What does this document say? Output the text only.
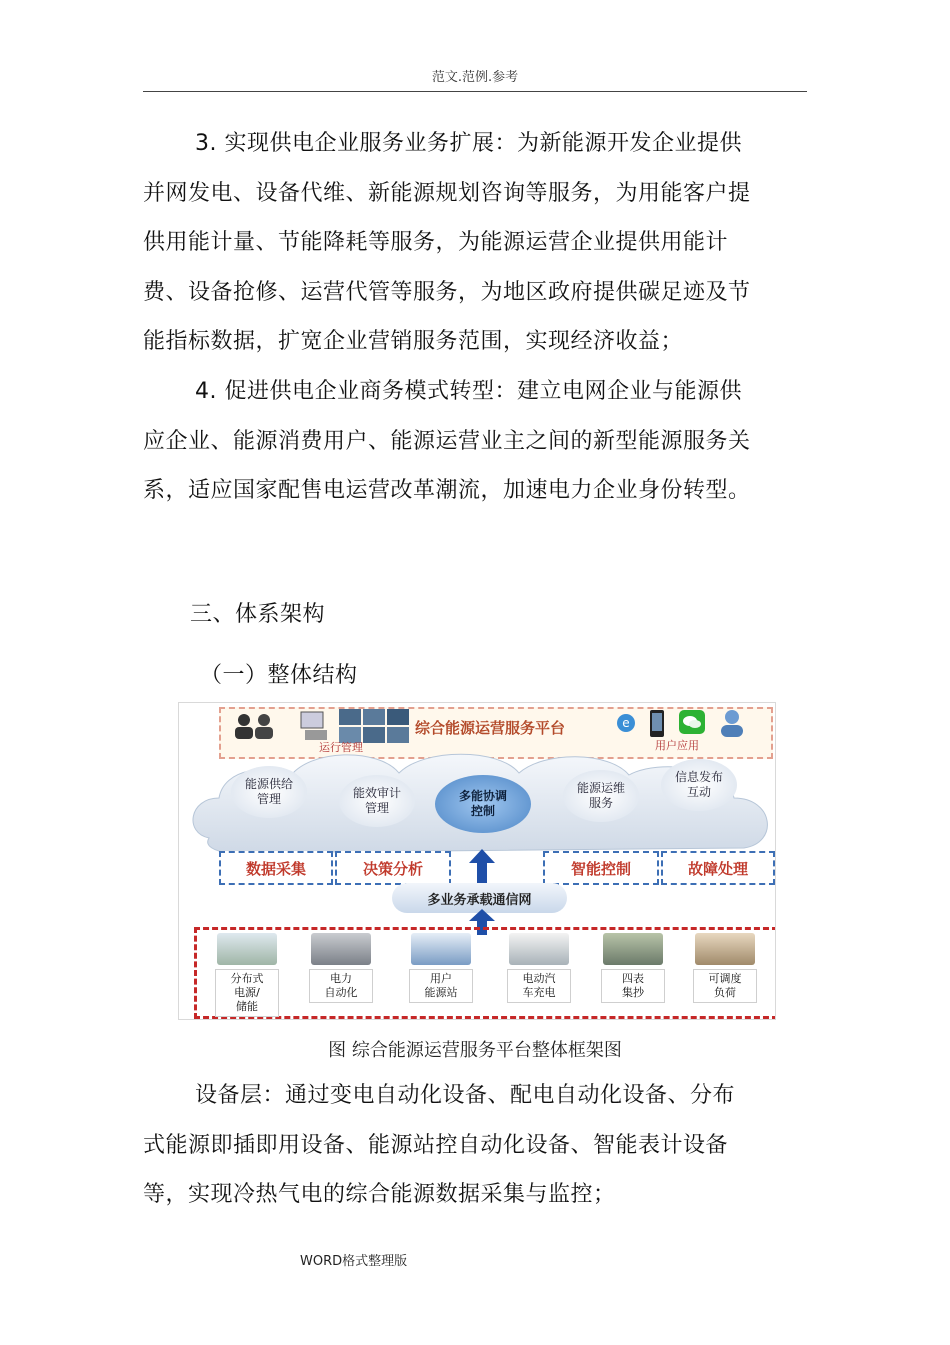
范文.范例.参考

3. 实现供电企业服务业务扩展：为新能源开发企业提供并网发电、设备代维、新能源规划咨询等服务，为用能客户提供用能计量、节能降耗等服务，为能源运营企业提供用能计费、设备抢修、运营代管等服务，为地区政府提供碳足迹及节能指标数据，扩宽企业营销服务范围，实现经济收益；

4. 促进供电企业商务模式转型：建立电网企业与能源供应企业、能源消费用户、能源运营业主之间的新型能源服务关系，适应国家配售电运营改革潮流，加速电力企业身份转型。

三、体系架构
（一）整体结构
运行管理
综合能源运营服务平台	e
用户应用
能源供给
管理	能效审计
管理
多能协调
控制
能源运维
服务
信息发布
互动
数据采集	决策分析	智能控制	故障处理
多业务承载通信网
分布式
电源/
储能
电力
自动化
用户
能源站
电动汽
车充电
四表
集抄
可调度
负荷
图 综合能源运营服务平台整体框架图

设备层：通过变电自动化设备、配电自动化设备、分布式能源即插即用设备、能源站控自动化设备、智能表计设备等，实现冷热气电的综合能源数据采集与监控；

WORD格式整理版
